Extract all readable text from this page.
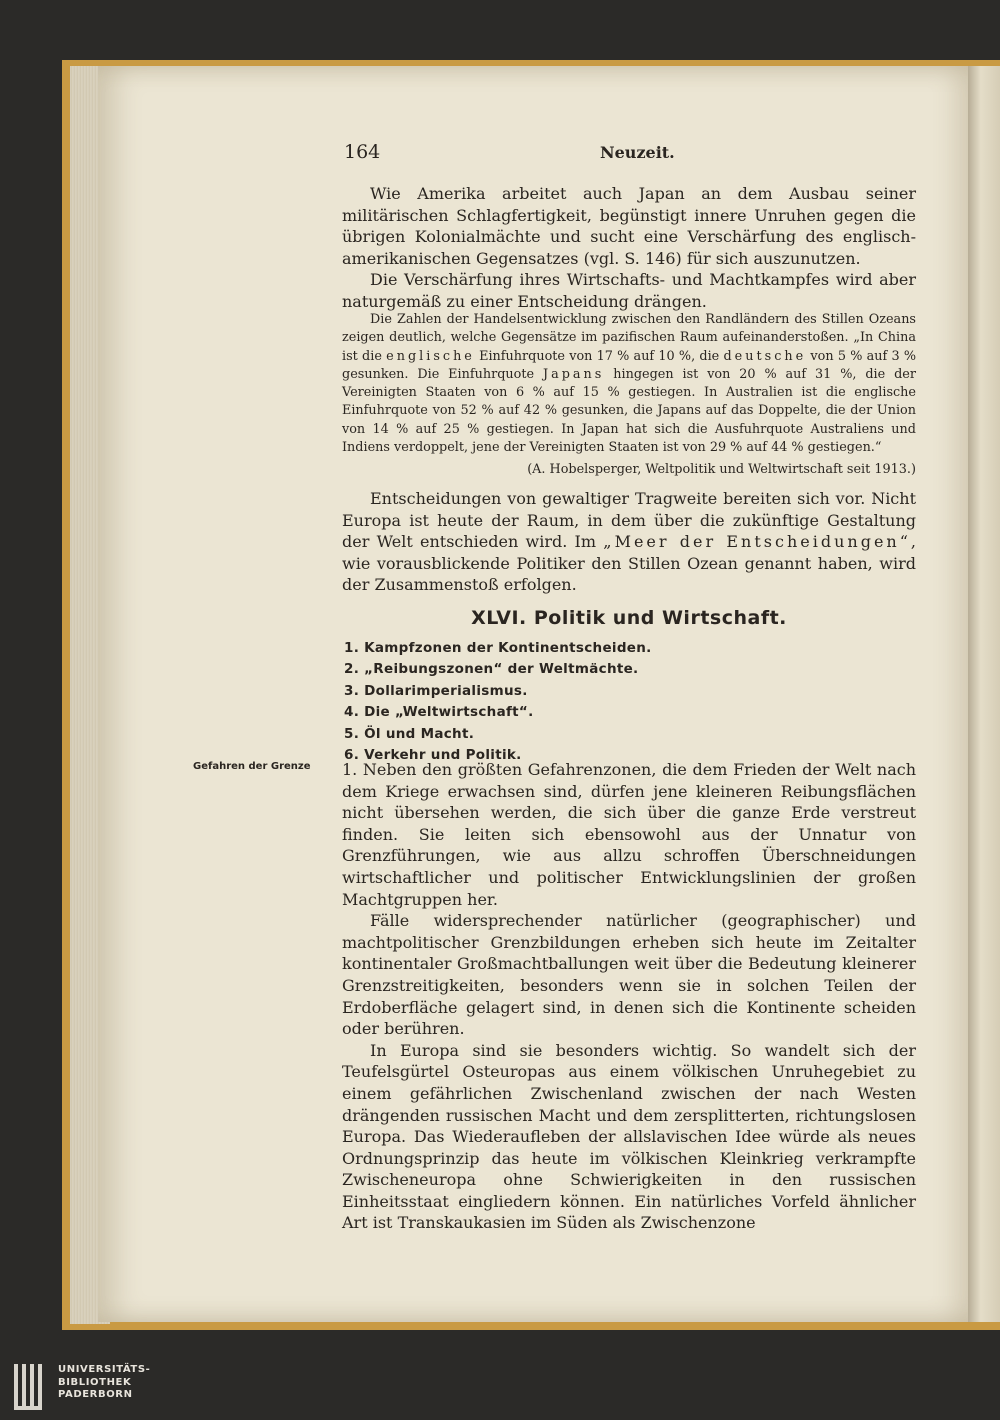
164	Neuzeit.

Wie Amerika arbeitet auch Japan an dem Ausbau seiner militärischen Schlagfertigkeit, begünstigt innere Unruhen gegen die übrigen Kolonialmächte und sucht eine Verschärfung des englisch-amerikanischen Gegensatzes (vgl. S. 146) für sich auszunutzen.

Die Verschärfung ihres Wirtschafts- und Machtkampfes wird aber naturgemäß zu einer Entscheidung drängen.

Die Zahlen der Handelsentwicklung zwischen den Randländern des Stillen Ozeans zeigen deutlich, welche Gegensätze im pazifischen Raum aufeinanderstoßen. „In China ist die englische Einfuhrquote von 17 % auf 10 %, die deutsche von 5 % auf 3 % gesunken. Die Einfuhrquote Japans hingegen ist von 20 % auf 31 %, die der Vereinigten Staaten von 6 % auf 15 % gestiegen. In Australien ist die englische Einfuhrquote von 52 % auf 42 % gesunken, die Japans auf das Doppelte, die der Union von 14 % auf 25 % gestiegen. In Japan hat sich die Ausfuhrquote Australiens und Indiens verdoppelt, jene der Vereinigten Staaten ist von 29 % auf 44 % gestiegen.“

(A. Hobelsperger, Weltpolitik und Weltwirtschaft seit 1913.)

Entscheidungen von gewaltiger Tragweite bereiten sich vor. Nicht Europa ist heute der Raum, in dem über die zukünftige Gestaltung der Welt entschieden wird. Im „Meer der Entscheidungen“, wie vorausblickende Politiker den Stillen Ozean genannt haben, wird der Zusammenstoß erfolgen.

XLVI. Politik und Wirtschaft.
1. Kampfzonen der Kontinentscheiden.
2. „Reibungszonen“ der Weltmächte.
3. Dollarimperialismus.
4. Die „Weltwirtschaft“.
5. Öl und Macht.
6. Verkehr und Politik.
Gefahren der Grenze 1. Neben den größten Gefahrenzonen, die dem Frieden der Welt nach dem Kriege erwachsen sind, dürfen jene kleineren Reibungsflächen nicht übersehen werden, die sich über die ganze Erde verstreut finden. Sie leiten sich ebensowohl aus der Unnatur von Grenzführungen, wie aus allzu schroffen Überschneidungen wirtschaftlicher und politischer Entwicklungslinien der großen Machtgruppen her.

Fälle widersprechender natürlicher (geographischer) und machtpolitischer Grenzbildungen erheben sich heute im Zeitalter kontinentaler Großmachtballungen weit über die Bedeutung kleinerer Grenzstreitigkeiten, besonders wenn sie in solchen Teilen der Erdoberfläche gelagert sind, in denen sich die Kontinente scheiden oder berühren.

In Europa sind sie besonders wichtig. So wandelt sich der Teufelsgürtel Osteuropas aus einem völkischen Unruhegebiet zu einem gefährlichen Zwischenland zwischen der nach Westen drängenden russischen Macht und dem zersplitterten, richtungslosen Europa. Das Wiederaufleben der allslavischen Idee würde als neues Ordnungsprinzip das heute im völkischen Kleinkrieg verkrampfte Zwischeneuropa ohne Schwierigkeiten in den russischen Einheitsstaat eingliedern können. Ein natürliches Vorfeld ähnlicher Art ist Transkaukasien im Süden als Zwischenzone

UNIVERSITÄTS-
BIBLIOTHEK
PADERBORN
